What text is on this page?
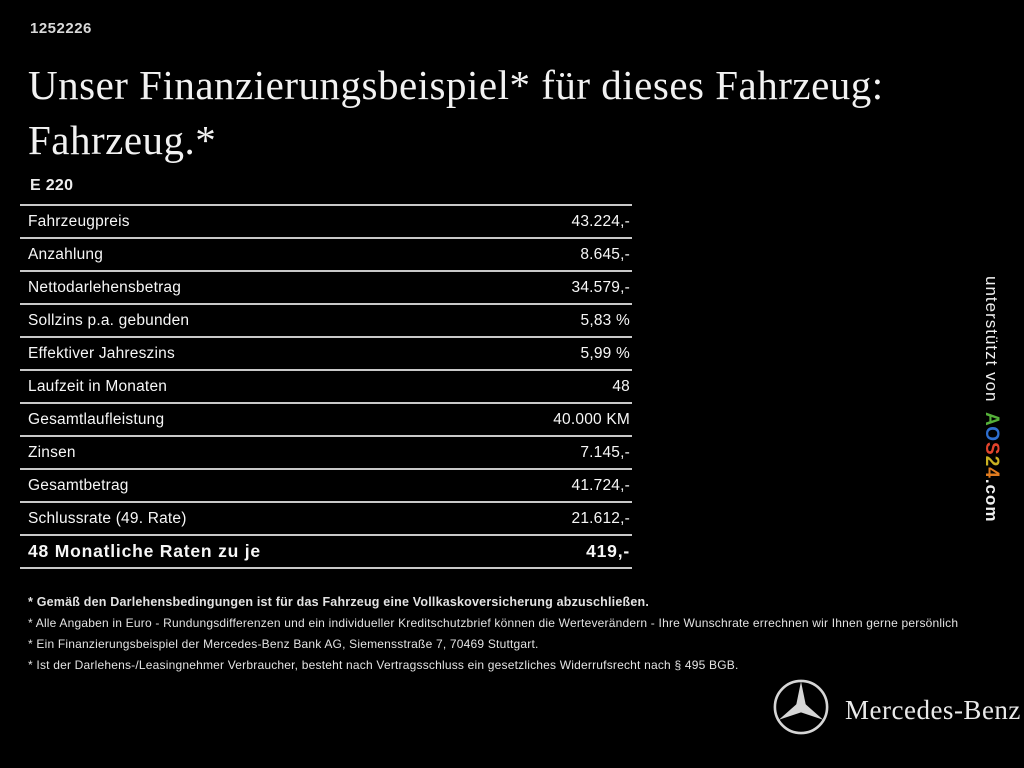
1252226
Unser Finanzierungsbeispiel* für dieses Fahrzeug:
Fahrzeug.*
E 220
Fahrzeugpreis	43.224,-
Anzahlung	8.645,-
Nettodarlehensbetrag	34.579,-
Sollzins p.a. gebunden	5,83 %
Effektiver Jahreszins	5,99 %
Laufzeit in Monaten	48
Gesamtlaufleistung	40.000 KM
Zinsen	7.145,-
Gesamtbetrag	41.724,-
Schlussrate (49. Rate)	21.612,-
48 Monatliche Raten zu je	419,-
* Gemäß den Darlehensbedingungen ist für das Fahrzeug eine Vollkaskoversicherung abzuschließen.
* Alle Angaben in Euro - Rundungsdifferenzen und ein individueller Kreditschutzbrief können die Werteverändern - Ihre Wunschrate errechnen wir Ihnen gerne persönlich
* Ein Finanzierungsbeispiel der Mercedes-Benz Bank AG, Siemensstraße 7, 70469 Stuttgart.
* Ist der Darlehens-/Leasingnehmer Verbraucher, besteht nach Vertragsschluss ein gesetzliches Widerrufsrecht nach § 495 BGB.
unterstützt vonAOS24.com
Mercedes-Benz
